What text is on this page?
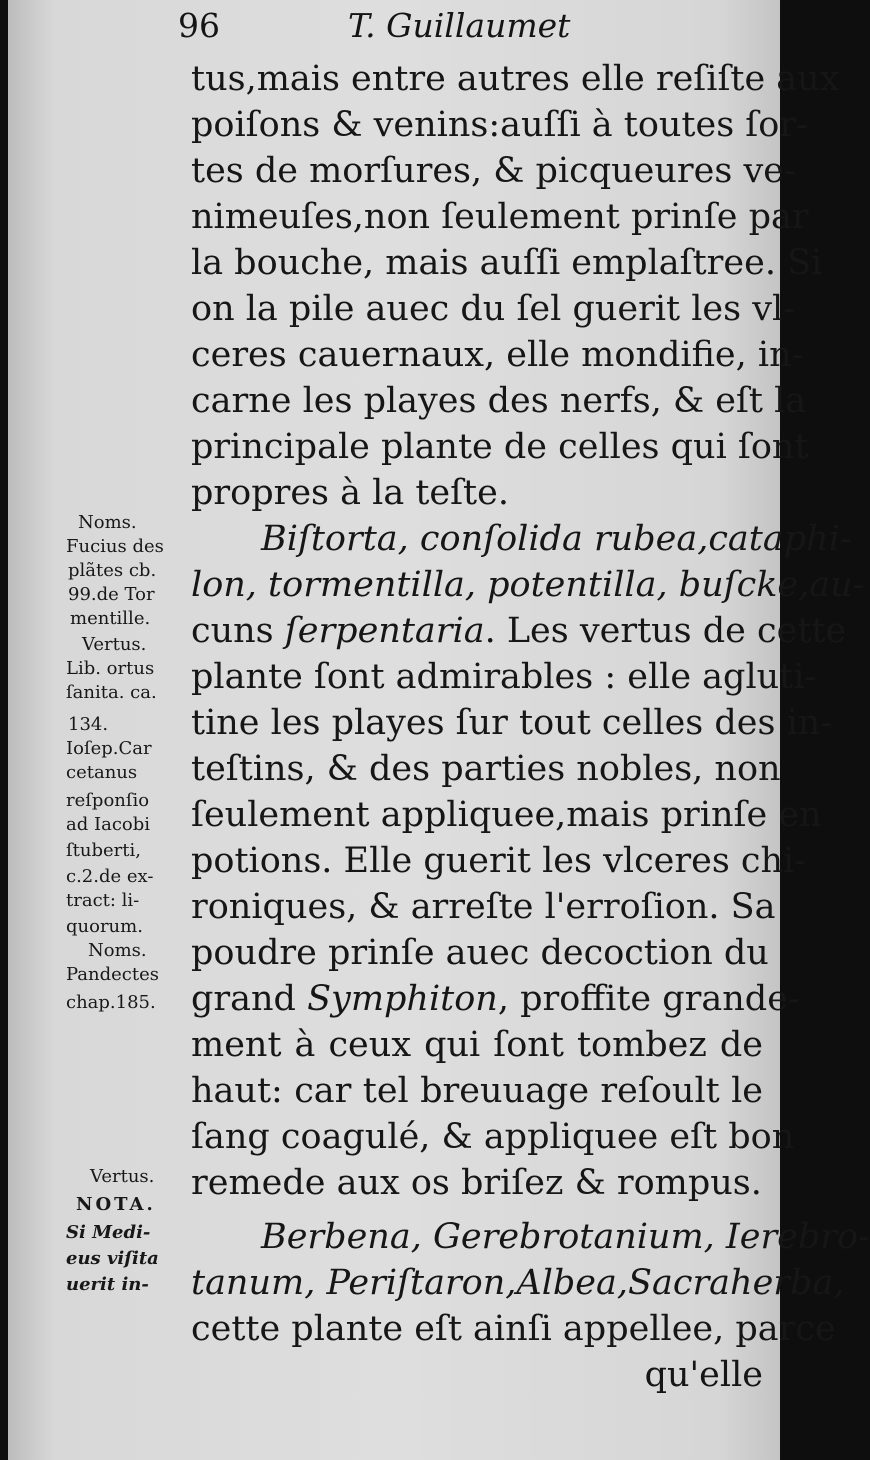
96	T. Guillaumet
tus,mais entre autres elle reſiſte aux
poiſons & venins:auſſi à toutes ſor-
tes de morſures, & picqueures ve-
nimeuſes,non ſeulement prinſe par
la bouche, mais auſſi emplaſtree. Si
on la pile auec du ſel guerit les vl-
ceres cauernaux, elle mondifie, in-
carne les playes des nerfs, & eſt la
principale plante de celles qui ſont
propres à la teſte.
Biſtorta, conſolida rubea,cataphi-
lon, tormentilla, potentilla, buſcke,au-
cuns ſerpentaria. Les vertus de cette
plante ſont admirables : elle agluti-
tine les playes ſur tout celles des in-
teſtins, & des parties nobles, non
ſeulement appliquee,mais prinſe en
potions. Elle guerit les vlceres chi-
roniques, & arreſte l'erroſion. Sa
poudre prinſe auec decoction du
grand Symphiton, proffite grande-
ment à ceux qui ſont tombez de
haut: car tel breuuage reſoult le
ſang coagulé, & appliquee eſt bon
remede aux os briſez & rompus.
Berbena, Gerebrotanium, Ierebro-
tanum, Periſtaron,Albea,Sacraherba,
cette plante eſt ainſi appellee, parce
qu'elle
Noms.
Fucius des
plãtes cb.
99.de Tor
mentille.
Vertus.
Lib. ortus
ſanita. ca.
134.
Ioſep.Car
cetanus
reſponſio
ad Iacobi
ſtuberti,
c.2.de ex-
tract: li-
quorum.
Noms.
Pandectes
chap.185.
Vertus.
NOTA.
Si Medi-
eus viſita
uerit in-
